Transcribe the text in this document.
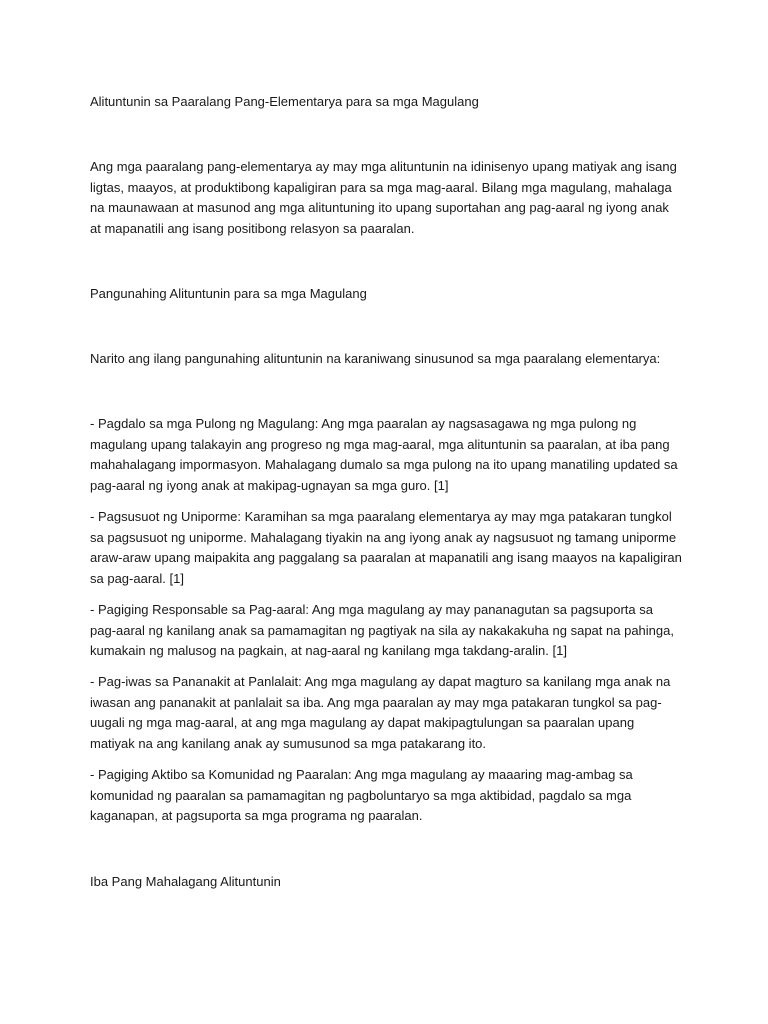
Alituntunin sa Paaralang Pang-Elementarya para sa mga Magulang

Ang mga paaralang pang-elementarya ay may mga alituntunin na idinisenyo upang matiyak ang isang ligtas, maayos, at produktibong kapaligiran para sa mga mag-aaral. Bilang mga magulang, mahalaga na maunawaan at masunod ang mga alituntuning ito upang suportahan ang pag-aaral ng iyong anak at mapanatili ang isang positibong relasyon sa paaralan.

Pangunahing Alituntunin para sa mga Magulang

Narito ang ilang pangunahing alituntunin na karaniwang sinusunod sa mga paaralang elementarya:

- Pagdalo sa mga Pulong ng Magulang: Ang mga paaralan ay nagsasagawa ng mga pulong ng magulang upang talakayin ang progreso ng mga mag-aaral, mga alituntunin sa paaralan, at iba pang mahahalagang impormasyon. Mahalagang dumalo sa mga pulong na ito upang manatiling updated sa pag-aaral ng iyong anak at makipag-ugnayan sa mga guro. [1]

- Pagsusuot ng Uniporme: Karamihan sa mga paaralang elementarya ay may mga patakaran tungkol sa pagsusuot ng uniporme. Mahalagang tiyakin na ang iyong anak ay nagsusuot ng tamang uniporme araw-araw upang maipakita ang paggalang sa paaralan at mapanatili ang isang maayos na kapaligiran sa pag-aaral. [1]

- Pagiging Responsable sa Pag-aaral: Ang mga magulang ay may pananagutan sa pagsuporta sa pag-aaral ng kanilang anak sa pamamagitan ng pagtiyak na sila ay nakakakuha ng sapat na pahinga, kumakain ng malusog na pagkain, at nag-aaral ng kanilang mga takdang-aralin. [1]

- Pag-iwas sa Pananakit at Panlalait: Ang mga magulang ay dapat magturo sa kanilang mga anak na iwasan ang pananakit at panlalait sa iba. Ang mga paaralan ay may mga patakaran tungkol sa pag-uugali ng mga mag-aaral, at ang mga magulang ay dapat makipagtulungan sa paaralan upang matiyak na ang kanilang anak ay sumusunod sa mga patakarang ito.

- Pagiging Aktibo sa Komunidad ng Paaralan: Ang mga magulang ay maaaring mag-ambag sa komunidad ng paaralan sa pamamagitan ng pagboluntaryo sa mga aktibidad, pagdalo sa mga kaganapan, at pagsuporta sa mga programa ng paaralan.

Iba Pang Mahalagang Alituntunin
